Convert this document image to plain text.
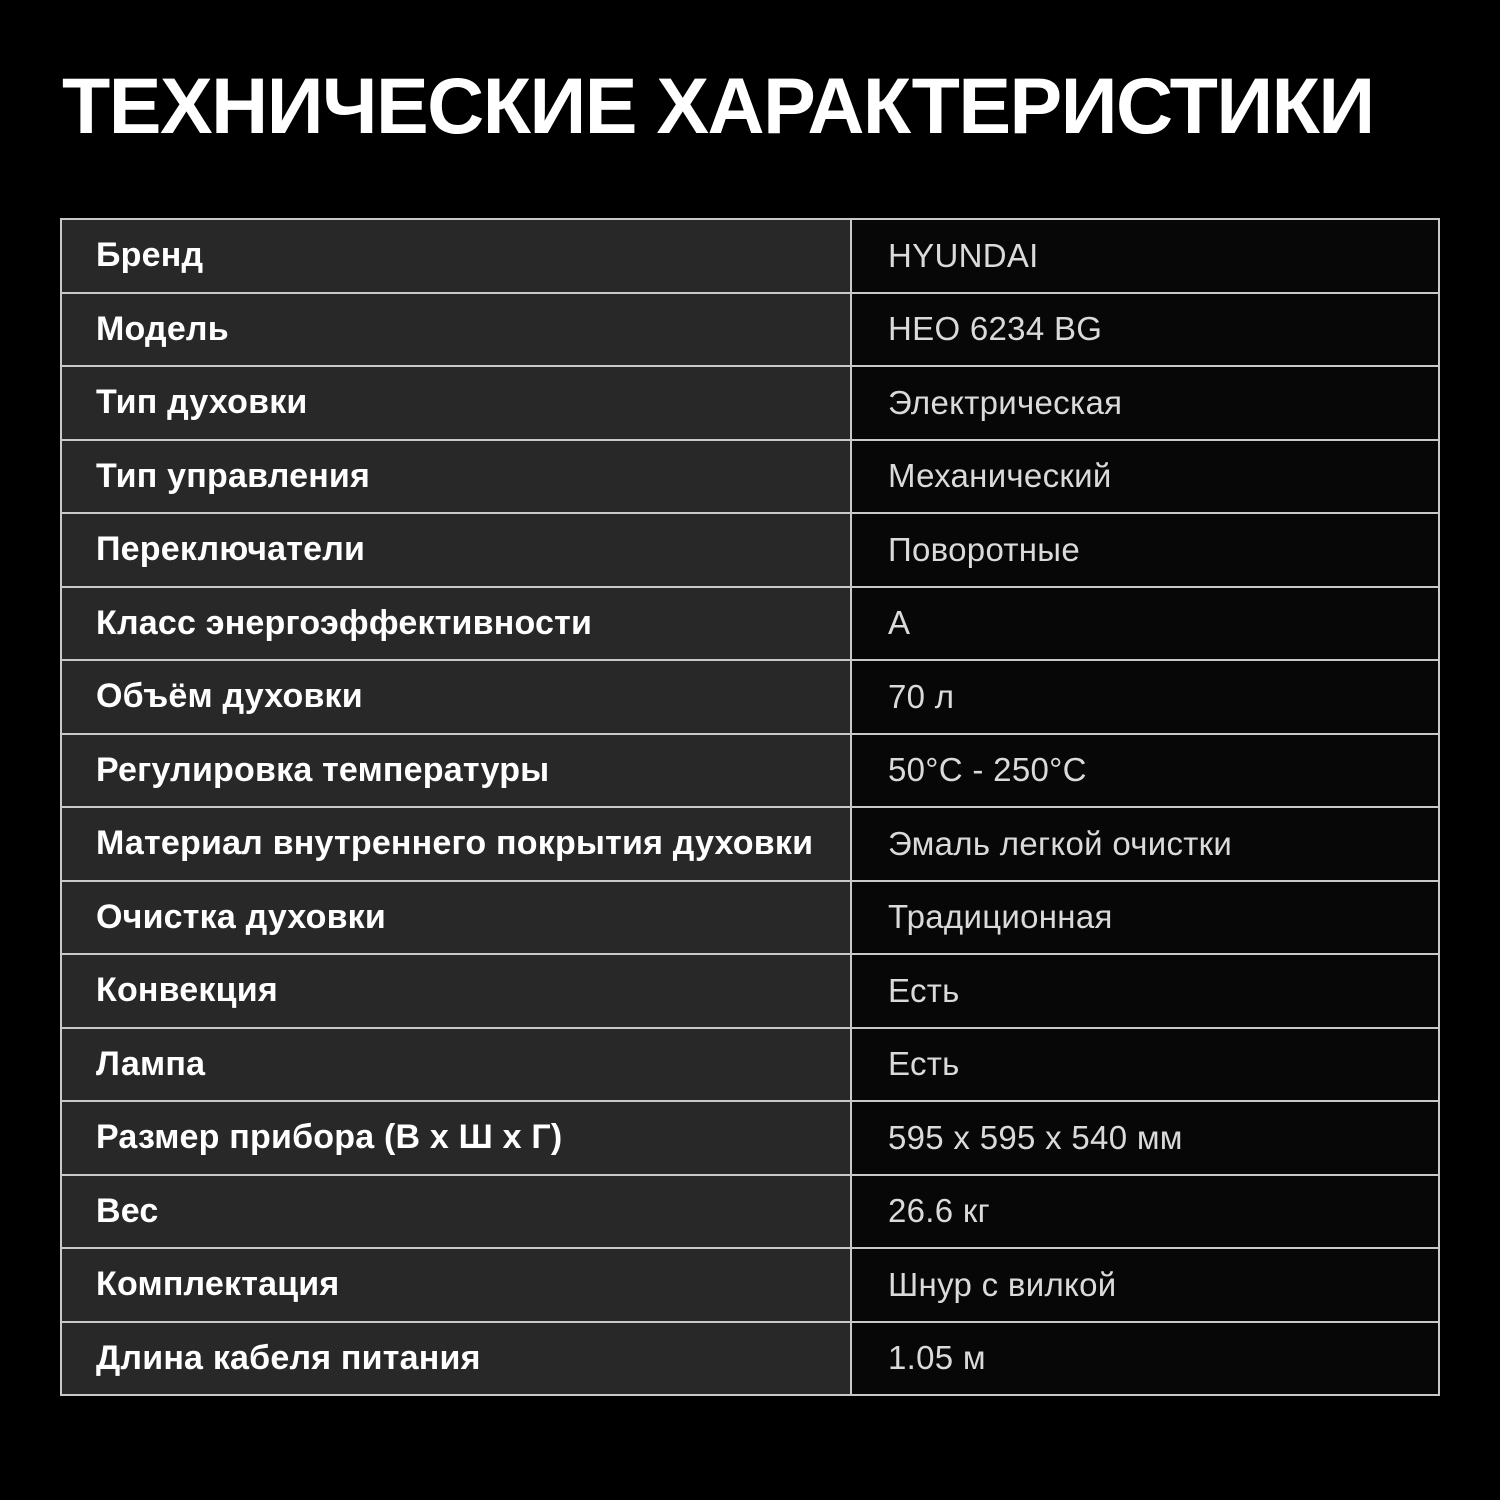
ТЕХНИЧЕСКИЕ ХАРАКТЕРИСТИКИ
Бренд	HYUNDAI
Модель	HEO 6234 BG
Тип духовки	Электрическая
Тип управления	Механический
Переключатели	Поворотные
Класс энергоэффективности	А
Объём духовки	70 л
Регулировка температуры	50°С - 250°С
Материал внутреннего покрытия духовки	Эмаль легкой очистки
Очистка духовки	Традиционная
Конвекция	Есть
Лампа	Есть
Размер прибора (В х Ш х Г)	595 х 595 х 540 мм
Вес	26.6 кг
Комплектация	Шнур с вилкой
Длина кабеля питания	1.05 м
